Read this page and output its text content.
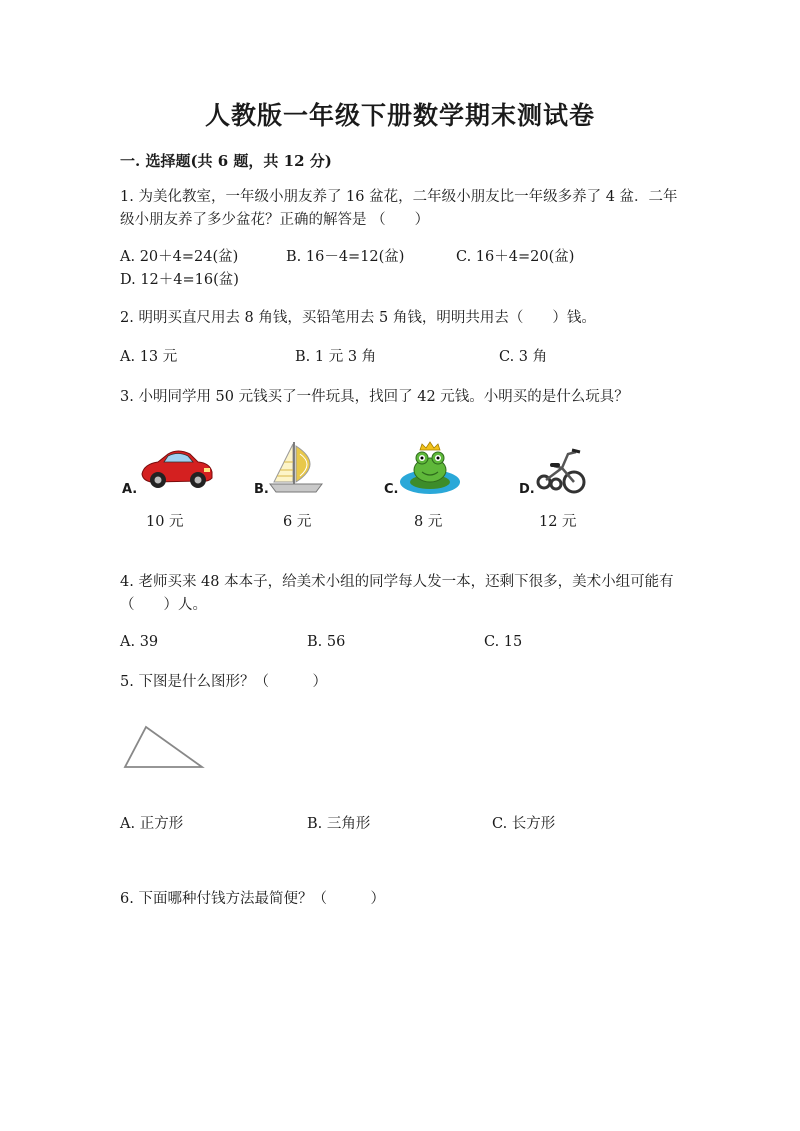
人教版一年级下册数学期末测试卷
一. 选择题(共 6 题，共 12 分)
1. 为美化教室，一年级小朋友养了 16 盆花，二年级小朋友比一年级多养了 4 盆．二年级小朋友养了多少盆花？正确的解答是 （　　）
A. 20＋4=24(盆)	B. 16－4=12(盆)	C. 16＋4=20(盆)D. 12＋4=16(盆)
2. 明明买直尺用去 8 角钱，买铅笔用去 5 角钱，明明共用去（　　）钱。
A. 13 元	B. 1 元 3 角	C. 3 角
3. 小明同学用 50 元钱买了一件玩具，找回了 42 元钱。小明买的是什么玩具？
A.
10 元
B.
6 元
C.
8 元
D.
12 元
4. 老师买来 48 本本子，给美术小组的同学每人发一本，还剩下很多，美术小组可能有（　　）人。
A. 39	B. 56	C. 15
5. 下图是什么图形？（　　　）
A. 正方形	B. 三角形	C. 长方形
6. 下面哪种付钱方法最简便？（　　　）
